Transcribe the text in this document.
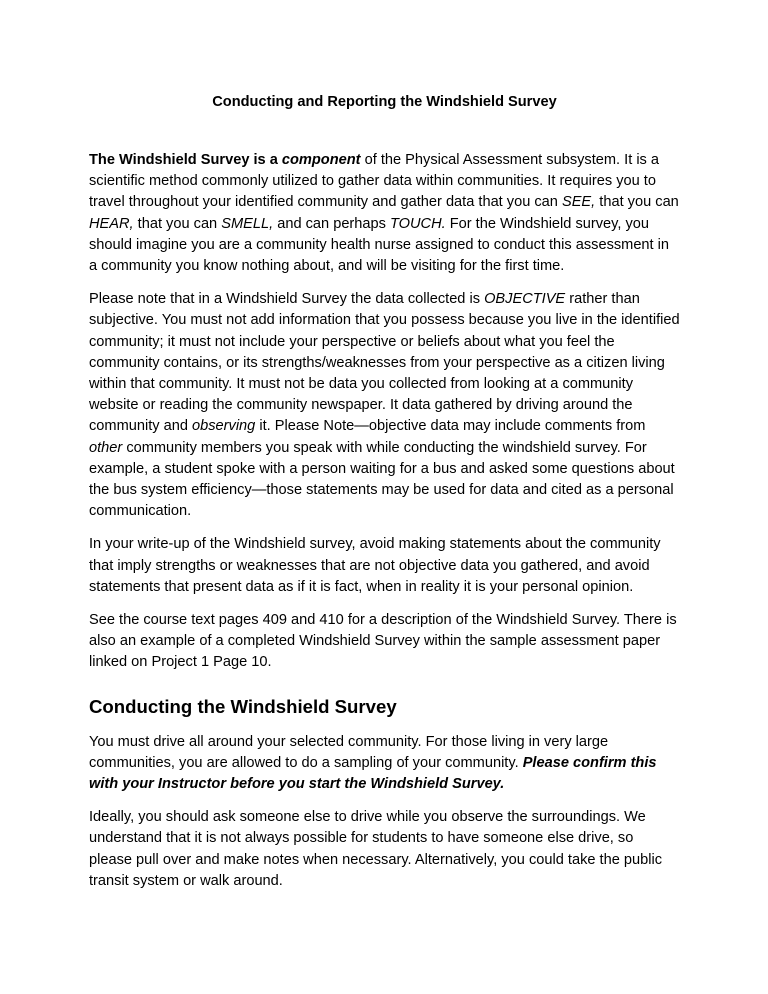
Conducting and Reporting the Windshield Survey

The Windshield Survey is a component of the Physical Assessment subsystem. It is a scientific method commonly utilized to gather data within communities. It requires you to travel throughout your identified community and gather data that you can SEE, that you can HEAR, that you can SMELL, and can perhaps TOUCH. For the Windshield survey, you should imagine you are a community health nurse assigned to conduct this assessment in a community you know nothing about, and will be visiting for the first time.

Please note that in a Windshield Survey the data collected is OBJECTIVE rather than subjective. You must not add information that you possess because you live in the identified community; it must not include your perspective or beliefs about what you feel the community contains, or its strengths/weaknesses from your perspective as a citizen living within that community. It must not be data you collected from looking at a community website or reading the community newspaper. It data gathered by driving around the community and observing it. Please Note—objective data may include comments from other community members you speak with while conducting the windshield survey. For example, a student spoke with a person waiting for a bus and asked some questions about the bus system efficiency—those statements may be used for data and cited as a personal communication.

In your write-up of the Windshield survey, avoid making statements about the community that imply strengths or weaknesses that are not objective data you gathered, and avoid statements that present data as if it is fact, when in reality it is your personal opinion.

See the course text pages 409 and 410 for a description of the Windshield Survey. There is also an example of a completed Windshield Survey within the sample assessment paper linked on Project 1 Page 10.

Conducting the Windshield Survey

You must drive all around your selected community. For those living in very large communities, you are allowed to do a sampling of your community. Please confirm this with your Instructor before you start the Windshield Survey.

Ideally, you should ask someone else to drive while you observe the surroundings. We understand that it is not always possible for students to have someone else drive, so please pull over and make notes when necessary. Alternatively, you could take the public transit system or walk around.
